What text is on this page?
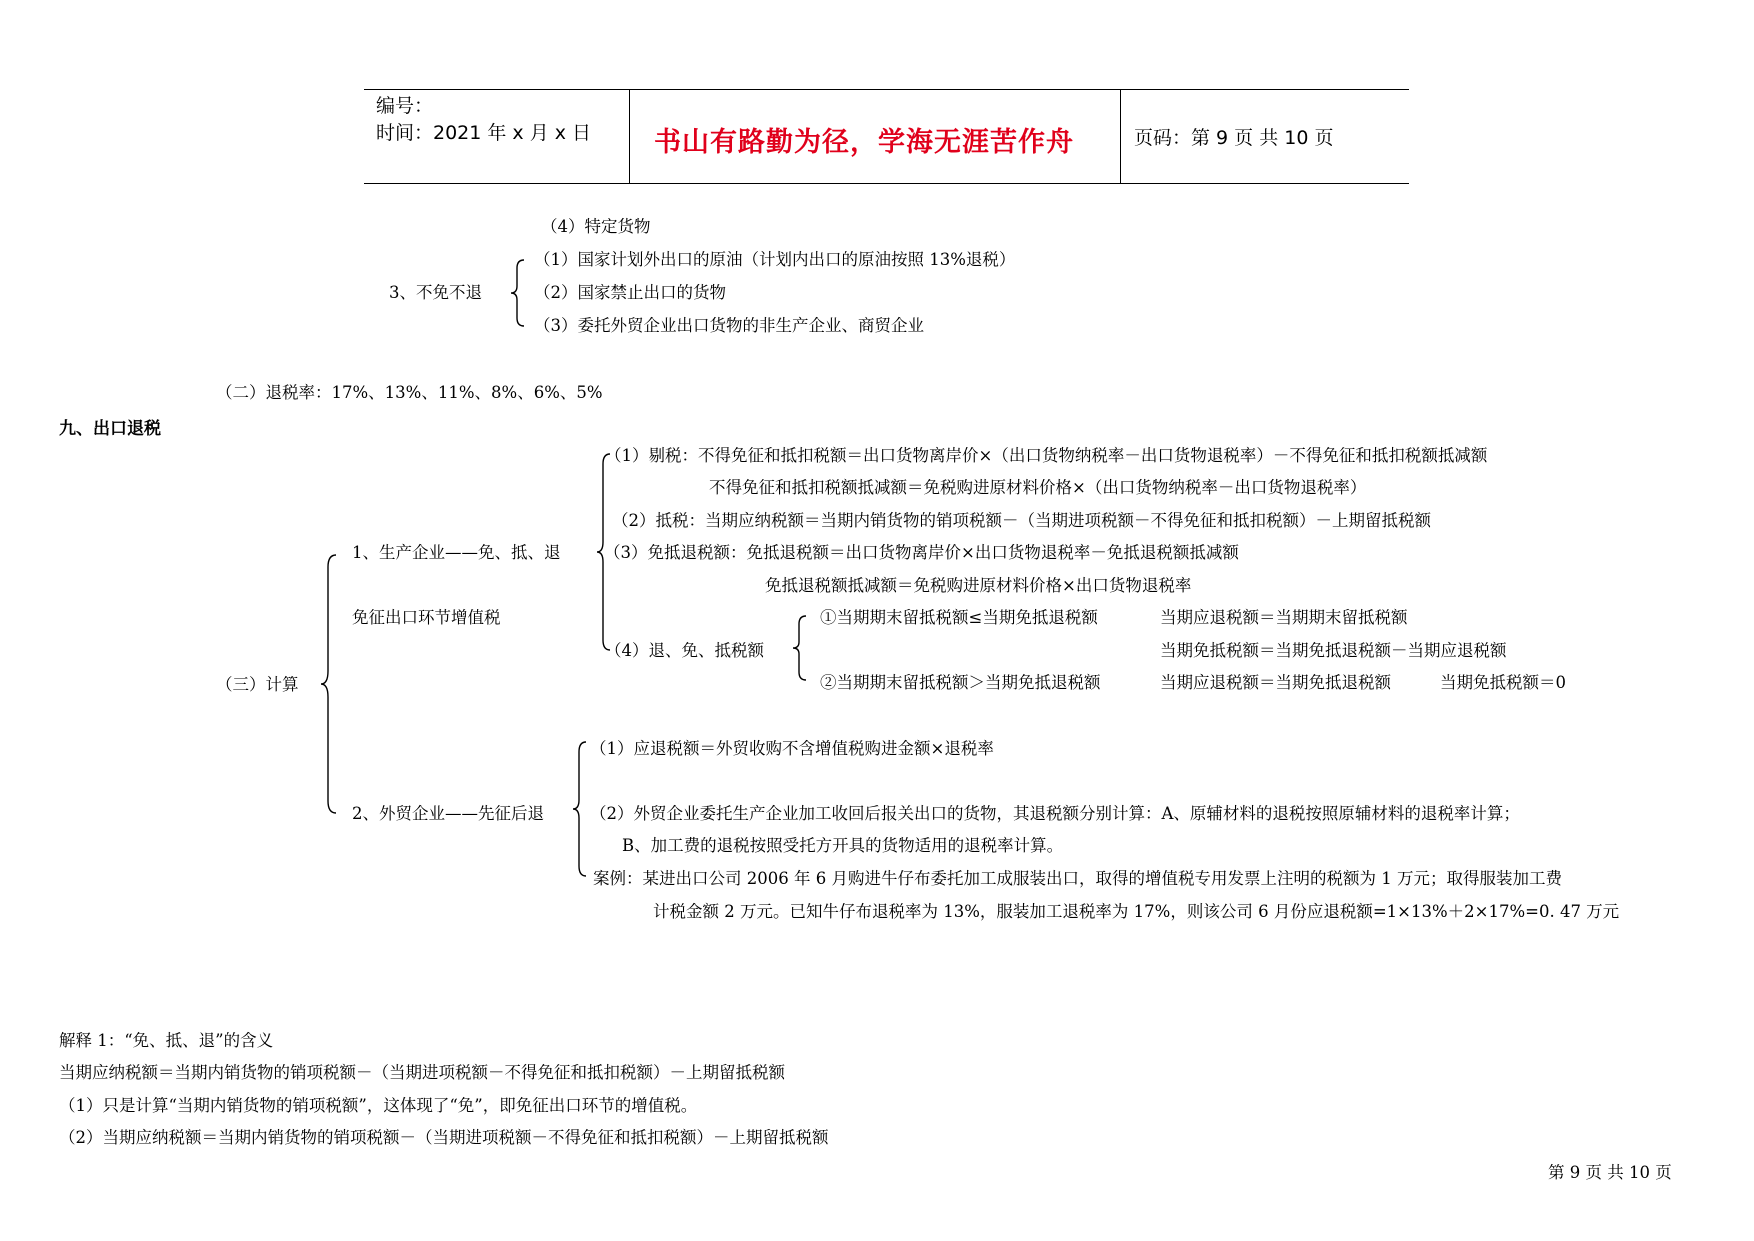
编号：
时间：2021 年 x 月 x 日 书山有路勤为径，学海无涯苦作舟	页码：第 9 页 共 10 页
（4）特定货物
3、不免不退
（1）国家计划外出口的原油（计划内出口的原油按照 13%退税）
（2）国家禁止出口的货物
（3）委托外贸企业出口货物的非生产企业、商贸企业
（二）退税率：17%、13%、11%、8%、6%、5%
九、出口退税
（三）计算
1、生产企业——免、抵、退
免征出口环节增值税
（1）剔税：不得免征和抵扣税额＝出口货物离岸价×（出口货物纳税率－出口货物退税率）－不得免征和抵扣税额抵减额
不得免征和抵扣税额抵减额＝免税购进原材料价格×（出口货物纳税率－出口货物退税率）
（2）抵税：当期应纳税额＝当期内销货物的销项税额－（当期进项税额－不得免征和抵扣税额）－上期留抵税额
（3）免抵退税额：免抵退税额＝出口货物离岸价×出口货物退税率－免抵退税额抵减额
免抵退税额抵减额＝免税购进原材料价格×出口货物退税率
（4）退、免、抵税额
①当期期末留抵税额≤当期免抵退税额	当期应退税额＝当期期末留抵税额
当期免抵税额＝当期免抵退税额－当期应退税额
②当期期末留抵税额＞当期免抵退税额	当期应退税额＝当期免抵退税额	当期免抵税额＝0
2、外贸企业——先征后退
（1）应退税额＝外贸收购不含增值税购进金额×退税率
（2）外贸企业委托生产企业加工收回后报关出口的货物，其退税额分别计算：A、原辅材料的退税按照原辅材料的退税率计算；
B、加工费的退税按照受托方开具的货物适用的退税率计算。
案例：某进出口公司 2006 年 6 月购进牛仔布委托加工成服装出口，取得的增值税专用发票上注明的税额为 1 万元；取得服装加工费
计税金额 2 万元。已知牛仔布退税率为 13%，服装加工退税率为 17%，则该公司 6 月份应退税额=1×13%＋2×17%=0. 47 万元
解释 1：“免、抵、退”的含义
当期应纳税额＝当期内销货物的销项税额－（当期进项税额－不得免征和抵扣税额）－上期留抵税额
（1）只是计算“当期内销货物的销项税额”，这体现了“免”，即免征出口环节的增值税。
（2）当期应纳税额＝当期内销货物的销项税额－（当期进项税额－不得免征和抵扣税额）－上期留抵税额
第 9 页 共 10 页
